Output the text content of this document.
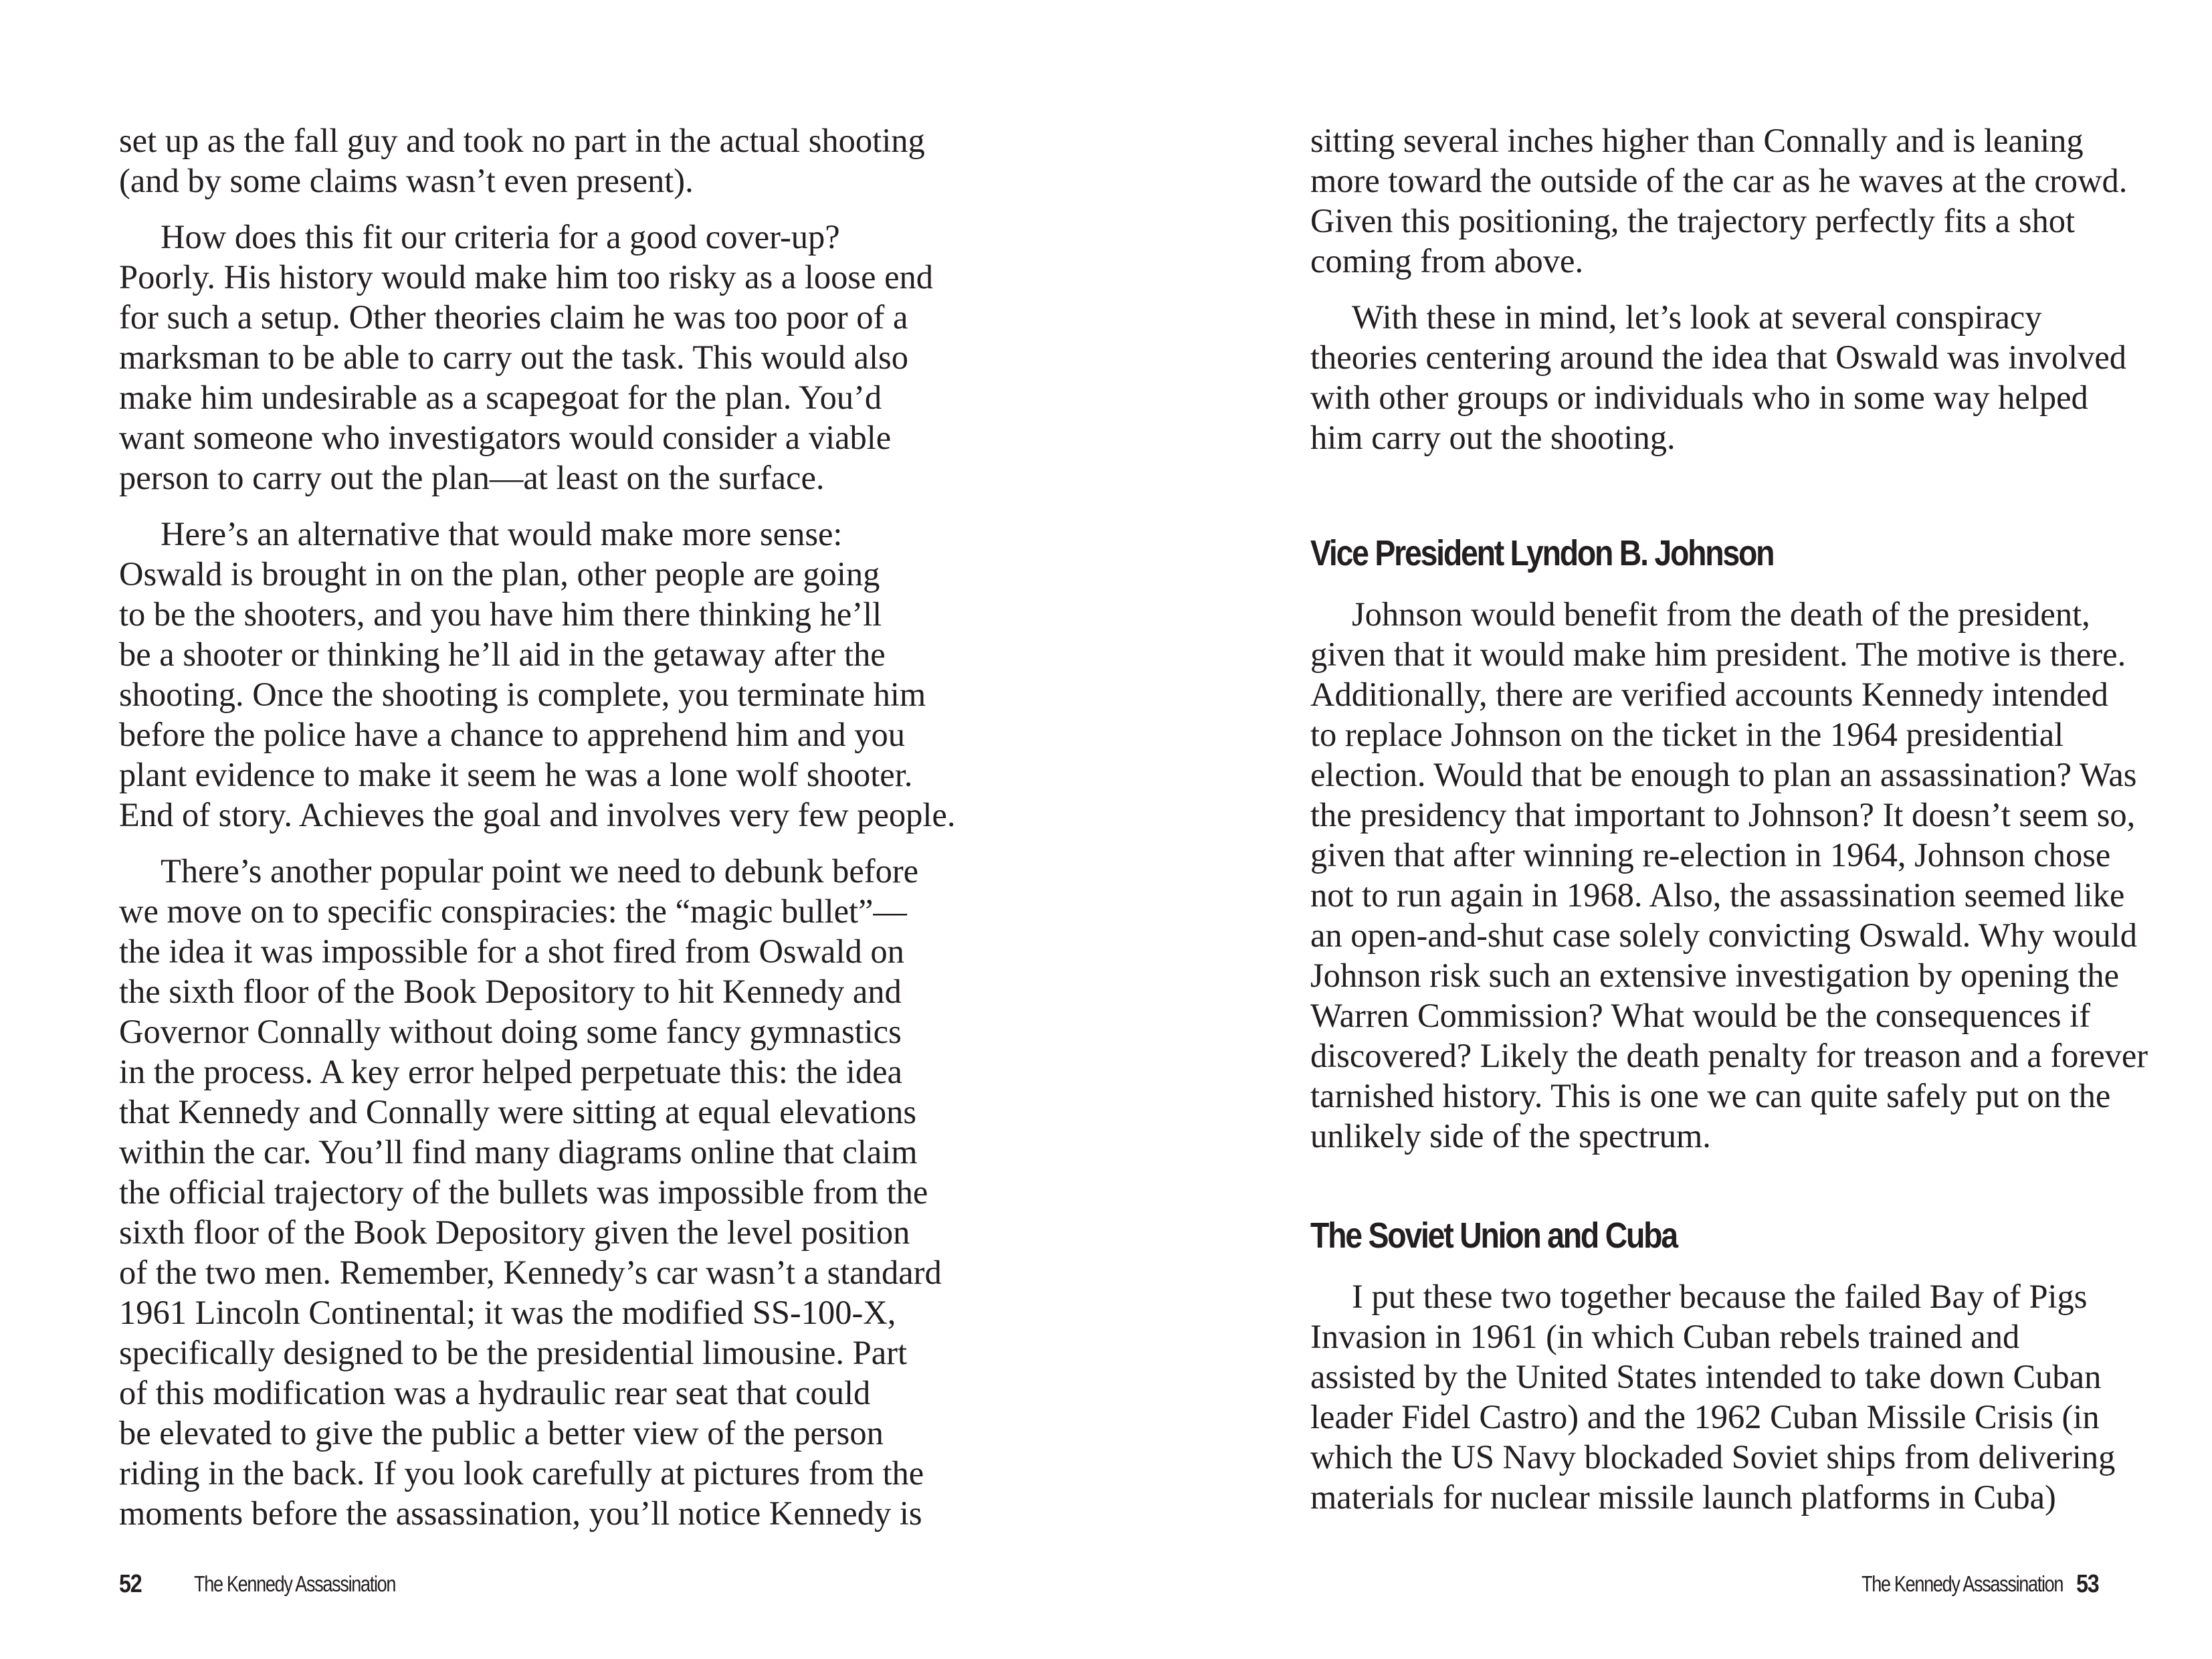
set up as the fall guy and took no part in the actual shooting
(and by some claims wasn’t even present).
How does this fit our criteria for a good cover-up?
Poorly. His history would make him too risky as a loose end
for such a setup. Other theories claim he was too poor of a
marksman to be able to carry out the task. This would also
make him undesirable as a scapegoat for the plan. You’d
want someone who investigators would consider a viable
person to carry out the plan—at least on the surface.
Here’s an alternative that would make more sense:
Oswald is brought in on the plan, other people are going
to be the shooters, and you have him there thinking he’ll
be a shooter or thinking he’ll aid in the getaway after the
shooting. Once the shooting is complete, you terminate him
before the police have a chance to apprehend him and you
plant evidence to make it seem he was a lone wolf shooter.
End of story. Achieves the goal and involves very few people.
There’s another popular point we need to debunk before
we move on to specific conspiracies: the “magic bullet”—
the idea it was impossible for a shot fired from Oswald on
the sixth floor of the Book Depository to hit Kennedy and
Governor Connally without doing some fancy gymnastics
in the process. A key error helped perpetuate this: the idea
that Kennedy and Connally were sitting at equal elevations
within the car. You’ll find many diagrams online that claim
the official trajectory of the bullets was impossible from the
sixth floor of the Book Depository given the level position
of the two men. Remember, Kennedy’s car wasn’t a standard
1961 Lincoln Continental; it was the modified SS-100-X,
specifically designed to be the presidential limousine. Part
of this modification was a hydraulic rear seat that could
be elevated to give the public a better view of the person
riding in the back. If you look carefully at pictures from the
moments before the assassination, you’ll notice Kennedy is
52 The Kennedy Assassination
sitting several inches higher than Connally and is leaning
more toward the outside of the car as he waves at the crowd.
Given this positioning, the trajectory perfectly fits a shot
coming from above.
With these in mind, let’s look at several conspiracy
theories centering around the idea that Oswald was involved
with other groups or individuals who in some way helped
him carry out the shooting.
Vice President Lyndon B. Johnson
Johnson would benefit from the death of the president,
given that it would make him president. The motive is there.
Additionally, there are verified accounts Kennedy intended
to replace Johnson on the ticket in the 1964 presidential
election. Would that be enough to plan an assassination? Was
the presidency that important to Johnson? It doesn’t seem so,
given that after winning re-election in 1964, Johnson chose
not to run again in 1968. Also, the assassination seemed like
an open-and-shut case solely convicting Oswald. Why would
Johnson risk such an extensive investigation by opening the
Warren Commission? What would be the consequences if
discovered? Likely the death penalty for treason and a forever
tarnished history. This is one we can quite safely put on the
unlikely side of the spectrum.
The Soviet Union and Cuba
I put these two together because the failed Bay of Pigs
Invasion in 1961 (in which Cuban rebels trained and
assisted by the United States intended to take down Cuban
leader Fidel Castro) and the 1962 Cuban Missile Crisis (in
which the US Navy blockaded Soviet ships from delivering
materials for nuclear missile launch platforms in Cuba)
The Kennedy Assassination 53
